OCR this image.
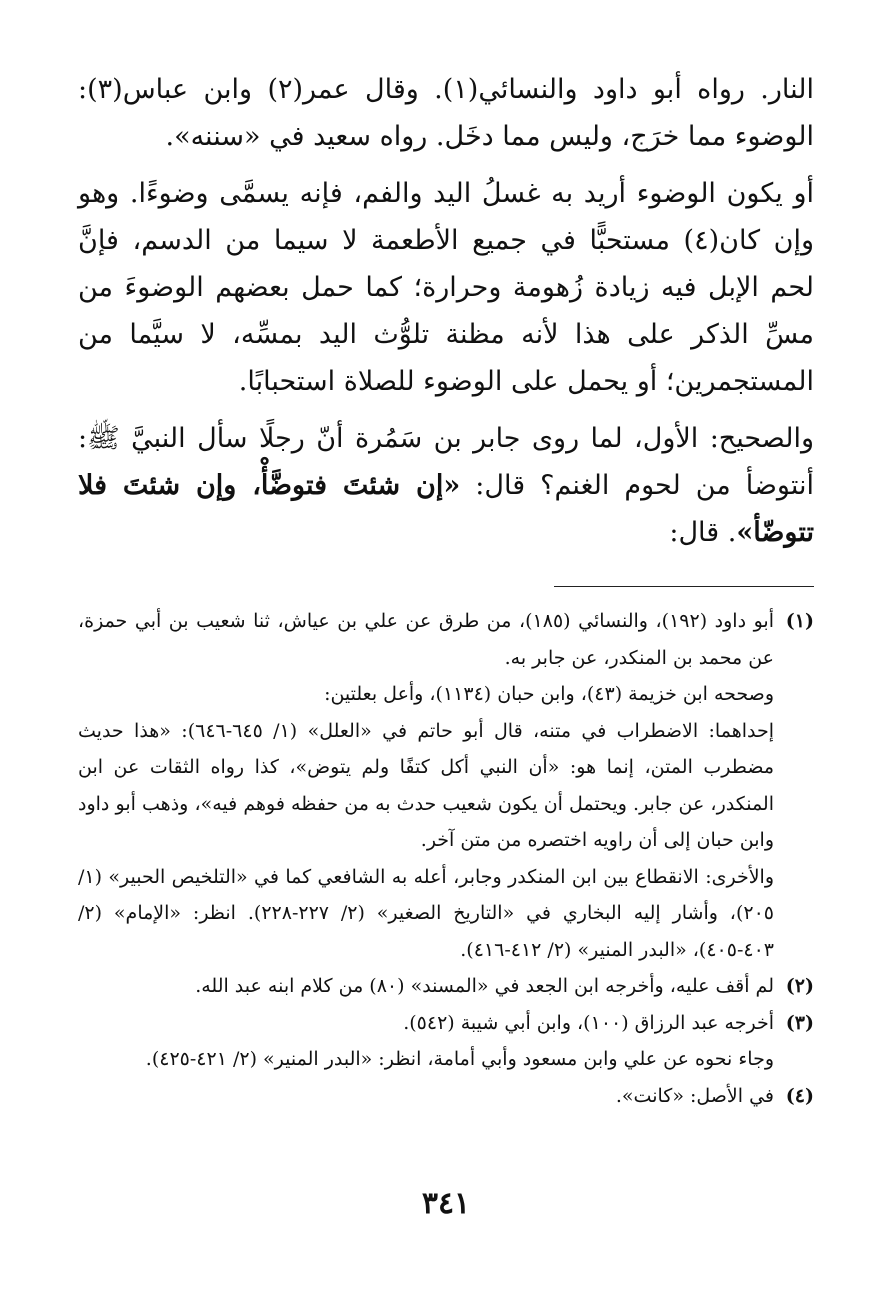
النار. رواه أبو داود والنسائي(١). وقال عمر(٢) وابن عباس(٣): الوضوء مما خرَج، وليس مما دخَل. رواه سعيد في «سننه».

أو يكون الوضوء أريد به غسلُ اليد والفم، فإنه يسمَّى وضوءًا. وهو وإن كان(٤) مستحبًّا في جميع الأطعمة لا سيما من الدسم، فإنَّ لحم الإبل فيه زيادة زُهومة وحرارة؛ كما حمل بعضهم الوضوءَ من مسِّ الذكر على هذا لأنه مظنة تلوُّث اليد بمسِّه، لا سيَّما من المستجمرين؛ أو يحمل على الوضوء للصلاة استحبابًا.

والصحيح: الأول، لما روى جابر بن سَمُرة أنّ رجلًا سأل النبيَّ ﷺ: أنتوضأ من لحوم الغنم؟ قال: «إن شئتَ فتوضَّأْ، وإن شئتَ فلا تتوضّأ». قال:

(١)
أبو داود (١٩٢)، والنسائي (١٨٥)، من طرق عن علي بن عياش، ثنا شعيب بن أبي حمزة، عن محمد بن المنكدر، عن جابر به.
وصححه ابن خزيمة (٤٣)، وابن حبان (١١٣٤)، وأعل بعلتين:
إحداهما: الاضطراب في متنه، قال أبو حاتم في «العلل» (١/ ٦٤٥-٦٤٦): «هذا حديث مضطرب المتن، إنما هو: «أن النبي أكل كتفًا ولم يتوض»، كذا رواه الثقات عن ابن المنكدر، عن جابر. ويحتمل أن يكون شعيب حدث به من حفظه فوهم فيه»، وذهب أبو داود وابن حبان إلى أن راويه اختصره من متن آخر.
والأخرى: الانقطاع بين ابن المنكدر وجابر، أعله به الشافعي كما في «التلخيص الحبير» (١/ ٢٠٥)، وأشار إليه البخاري في «التاريخ الصغير» (٢/ ٢٢٧-٢٢٨). انظر: «الإمام» (٢/ ٤٠٣-٤٠٥)، «البدر المنير» (٢/ ٤١٢-٤١٦).
(٢)
لم أقف عليه، وأخرجه ابن الجعد في «المسند» (٨٠) من كلام ابنه عبد الله.
(٣)
أخرجه عبد الرزاق (١٠٠)، وابن أبي شيبة (٥٤٢).
وجاء نحوه عن علي وابن مسعود وأبي أمامة، انظر: «البدر المنير» (٢/ ٤٢١-٤٢٥).
(٤)
في الأصل: «كانت».
٣٤١
